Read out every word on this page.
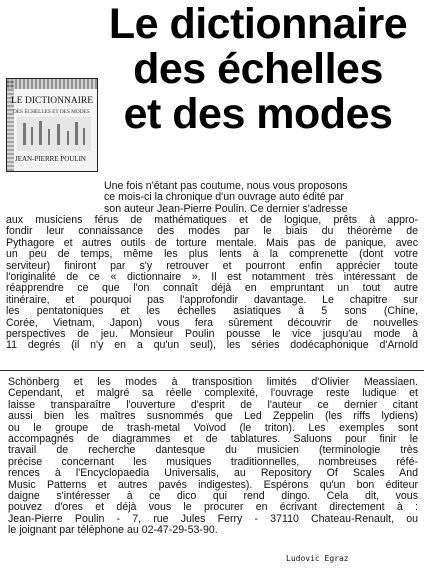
Le dictionnaire
des échelles
et des modes
LE DICTIONNAIRE
DES ÉCHELLES ET DES MODES
JEAN-PIERRE POULIN
Une fois n'étant pas coutume, nous vous proposons
ce mois-ci la chronique d'un ouvrage auto édité par
son auteur Jean-Pierre Poulin. Ce dernier s'adresse
aux musiciens férus de mathématiques et de logique, prêts à appro-
fondir leur connaissance des modes par le biais du théorème de
Pythagore et autres outils de torture mentale. Mais pas de panique, avec
un peu de temps, même les plus lents à la comprenette (dont votre
serviteur) finiront par s'y retrouver et pourront enfin apprécier toute
l'originalité de ce « dictionnaire ». Il est notamment très intéressant de
réapprendre ce que l'on connaît déjà en empruntant un tout autre
itinéraire, et pourquoi pas l'approfondir davantage. Le chapitre sur
les pentatoniques et les échelles asiatiques à 5 sons (Chine,
Corée, Vietnam, Japon) vous fera sûrement découvrir de nouvelles
perspectives de jeu. Monsieur Poulin pousse le vice jusqu'au mode à
11 degrés (il n'y en a qu'un seul), les séries dodécaphonique d'Arnold
Schönberg et les modes à transposition limités d'Olivier Meassiaen.
Cependant, et malgré sa réelle complexité, l'ouvrage reste ludique et
laisse transparaître l'ouverture d'esprit de l'auteur ce dernier citant
aussi bien les maîtres susnommés que Led Zeppelin (les riffs lydiens)
ou le groupe de trash-metal Voïvod (le triton). Les exemples sont
accompagnés de diagrammes et de tablatures. Saluons pour finir le
travail de recherche dantesque du musicien (terminologie très
précise concernant les musiques traditionnelles, nombreuses réfé-
rences à l'Encyclopaedia Universalis, au Repository Of Scales And
Music Patterns et autres pavés indigestes). Espérons qu'un bon éditeur
daigne s'intéresser à ce dico qui rend dingo. Cela dit, vous
pouvez d'ores et déjà vous le procurer en écrivant directement à :
Jean-Pierre Poulin - 7, rue Jules Ferry - 37110 Chateau-Renault, ou
le joignant par téléphone au 02-47-29-53-90.
Ludovic Egraz
